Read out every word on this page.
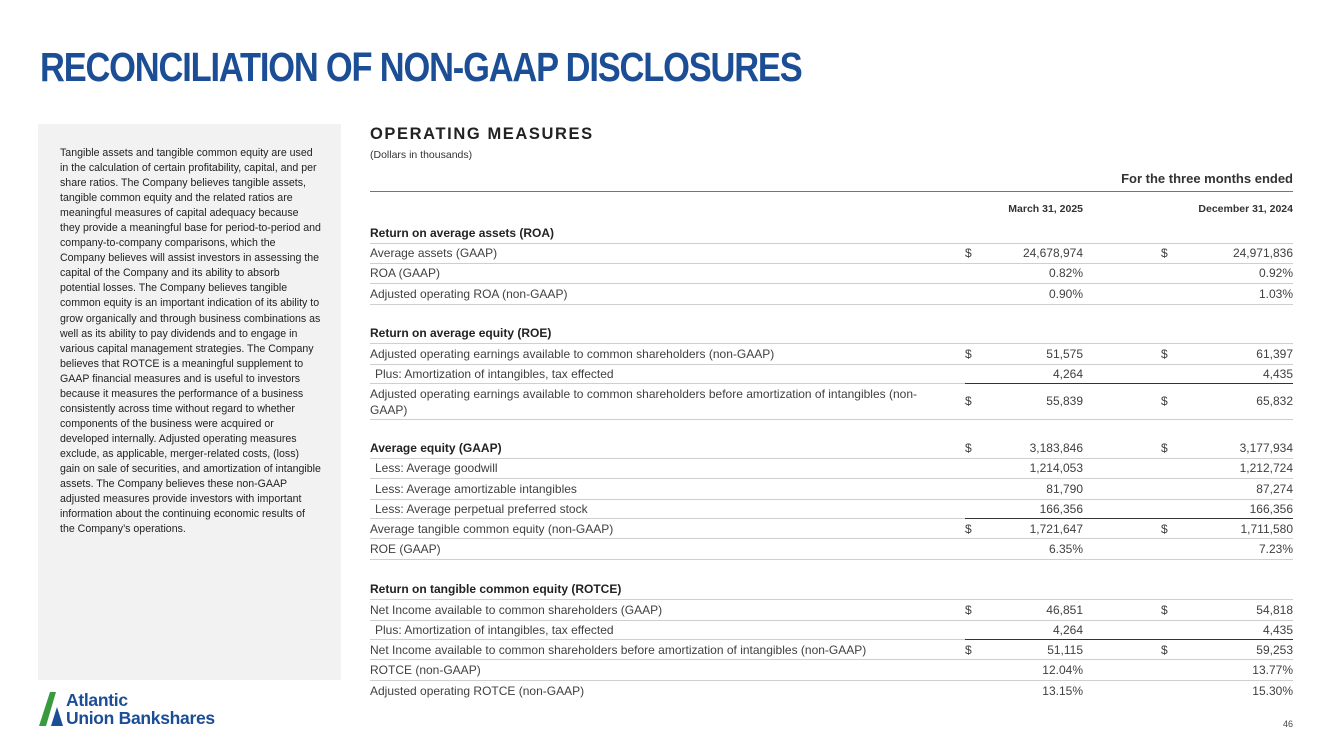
RECONCILIATION OF NON-GAAP DISCLOSURES

Tangible assets and tangible common equity are used in the calculation of certain profitability, capital, and per share ratios. The Company believes tangible assets, tangible common equity and the related ratios are meaningful measures of capital adequacy because they provide a meaningful base for period-to-period and company-to-company comparisons, which the Company believes will assist investors in assessing the capital of the Company and its ability to absorb potential losses. The Company believes tangible common equity is an important indication of its ability to grow organically and through business combinations as well as its ability to pay dividends and to engage in various capital management strategies. The Company believes that ROTCE is a meaningful supplement to GAAP financial measures and is useful to investors because it measures the performance of a business consistently across time without regard to whether components of the business were acquired or developed internally. Adjusted operating measures exclude, as applicable, merger-related costs, (loss) gain on sale of securities, and amortization of intangible assets. The Company believes these non-GAAP adjusted measures provide investors with important information about the continuing economic results of the Company’s operations.

Atlantic
Union Bankshares
OPERATING MEASURES
(Dollars in thousands)
For the three months ended
March 31, 2025	December 31, 2024
Return on average assets (ROA)
Average assets (GAAP)	$	24,678,974	$	24,971,836
ROA (GAAP)	0.82%	0.92%
Adjusted operating ROA (non-GAAP)	0.90%	1.03%
Return on average equity (ROE)
Adjusted operating earnings available to common shareholders (non-GAAP)	$	51,575	$	61,397
Plus: Amortization of intangibles, tax effected	4,264	4,435
Adjusted operating earnings available to common shareholders before amortization of intangibles (non-GAAP)
$	55,839	$	65,832
Average equity (GAAP)	$	3,183,846	$	3,177,934
Less: Average goodwill	1,214,053	1,212,724
Less: Average amortizable intangibles	81,790	87,274
Less: Average perpetual preferred stock	166,356	166,356
Average tangible common equity (non-GAAP)	$	1,721,647	$	1,711,580
ROE (GAAP)	6.35%	7.23%
Return on tangible common equity (ROTCE)
Net Income available to common shareholders (GAAP)	$	46,851	$	54,818
Plus: Amortization of intangibles, tax effected	4,264	4,435
Net Income available to common shareholders before amortization of intangibles (non-GAAP)	$	51,115	$	59,253
ROTCE (non-GAAP)	12.04%	13.77%
Adjusted operating ROTCE (non-GAAP)	13.15%	15.30%
46
